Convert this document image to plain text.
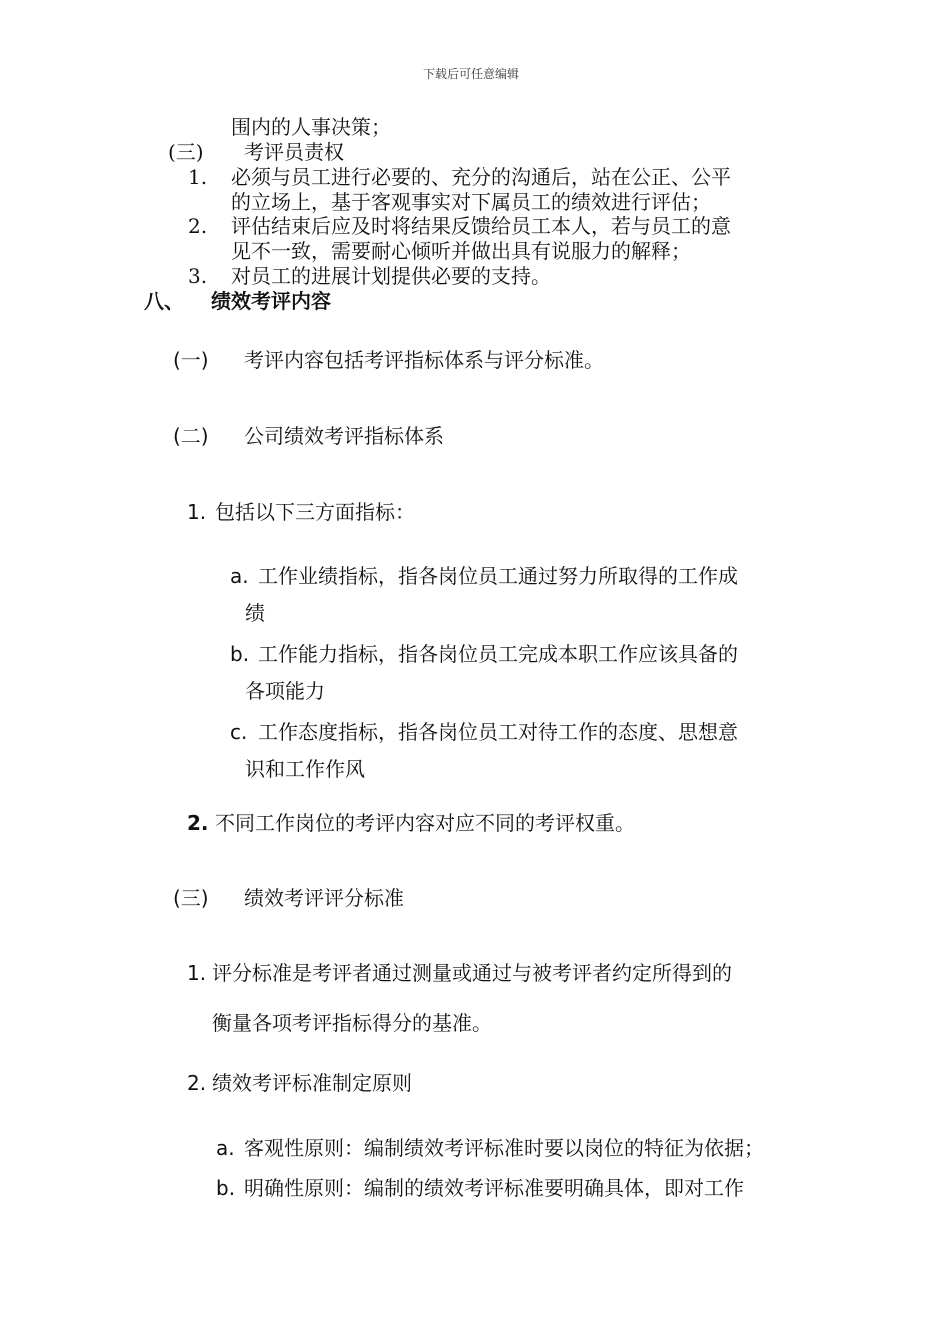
下载后可任意编辑
围内的人事决策；
(三) 考评员责权
1. 必须与员工进行必要的、充分的沟通后，站在公正、公平
的立场上，基于客观事实对下属员工的绩效进行评估；
2. 评估结束后应及时将结果反馈给员工本人，若与员工的意
见不一致，需要耐心倾听并做出具有说服力的解释；
3. 对员工的进展计划提供必要的支持。
八、 绩效考评内容
(一) 考评内容包括考评指标体系与评分标准。
(二) 公司绩效考评指标体系
1. 包括以下三方面指标：
a. 工作业绩指标，指各岗位员工通过努力所取得的工作成
绩
b. 工作能力指标，指各岗位员工完成本职工作应该具备的
各项能力
c. 工作态度指标，指各岗位员工对待工作的态度、思想意
识和工作作风
2. 不同工作岗位的考评内容对应不同的考评权重。
(三) 绩效考评评分标准
1. 评分标准是考评者通过测量或通过与被考评者约定所得到的
衡量各项考评指标得分的基准。
2. 绩效考评标准制定原则
a. 客观性原则：编制绩效考评标准时要以岗位的特征为依据；
b. 明确性原则：编制的绩效考评标准要明确具体，即对工作
